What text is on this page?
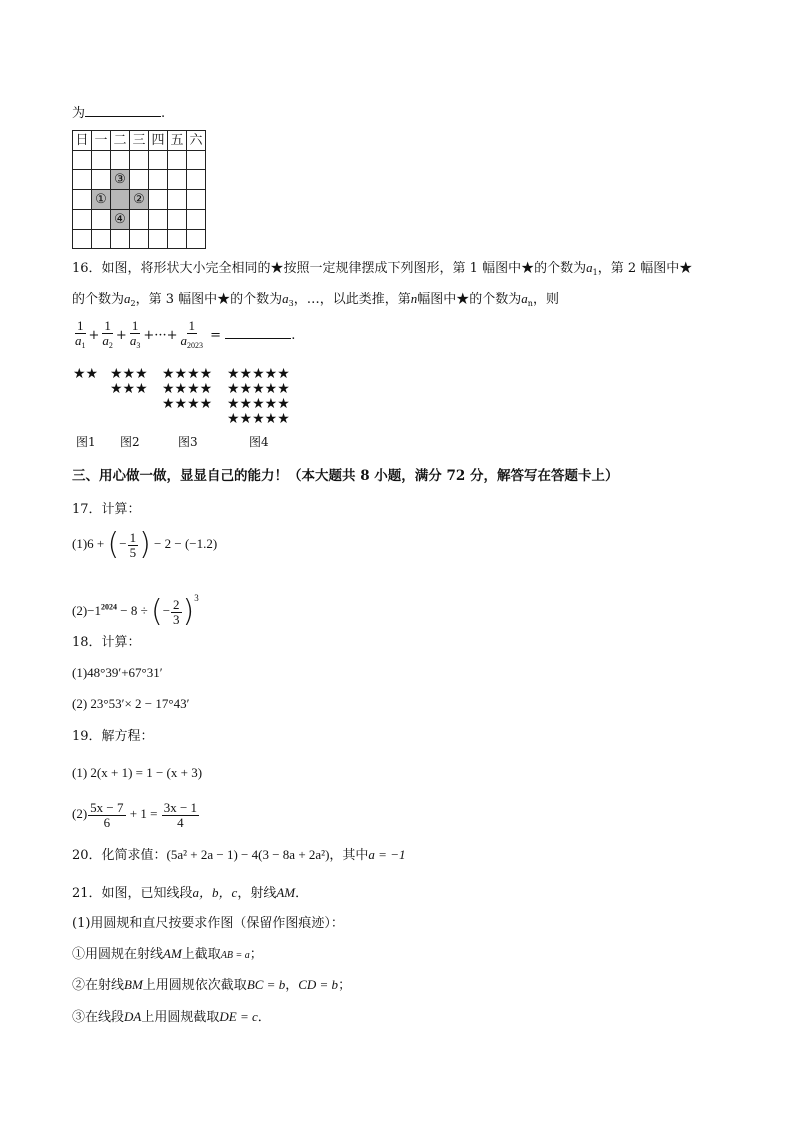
为	.
日	一	二	三	四	五	六

		③				
	①		②			
		④				

16．如图，将形状大小完全相同的★按照一定规律摆成下列图形，第 1 幅图中★的个数为$a_1$，第 2 幅图中★
的个数为$a_2$，第 3 幅图中★的个数为$a_3$，…，以此类推，第n幅图中★的个数为$a_n$，则
$\frac{1}{a_1} + \frac{1}{a_2} + \frac{1}{a_3}$ +···+ $\frac{1}{a_{2023}}$ =	.
★★ ★★★
★★★
★★★★
★★★★
★★★★
★★★★★
★★★★★
★★★★★
★★★★★
图1 图2	图3	图4
三、用心做一做，显显自己的能力！（本大题共 8 小题，满分 72 分，解答写在答题卡上）
17．计算：
(1)6 + (− $\frac{1}{5}$ ) − 2 − (−1.2)
$(2)-1^{2024} - 8$ ÷ (− $\frac{2}{3} )^3$
18．计算：
(1)48°39′+67°31′
(2) 23°53′× 2 − 17°43′
19．解方程：
(1) 2(x + 1) = 1 − (x + 3)
$(2) \frac{5x - 7}{6} + 1 = \frac{3x - 1}{4}$
20．化简求值：(5a² + 2a − 1) − 4(3 − 8a + 2a²)，其中a = −1
21．如图，已知线段a，b，c，射线AM．
(1)用圆规和直尺按要求作图（保留作图痕迹）：
①用圆规在射线AM上截取AB = a；
②在射线BM上用圆规依次截取BC = b，CD = b；
③在线段DA上用圆规截取DE = c．
